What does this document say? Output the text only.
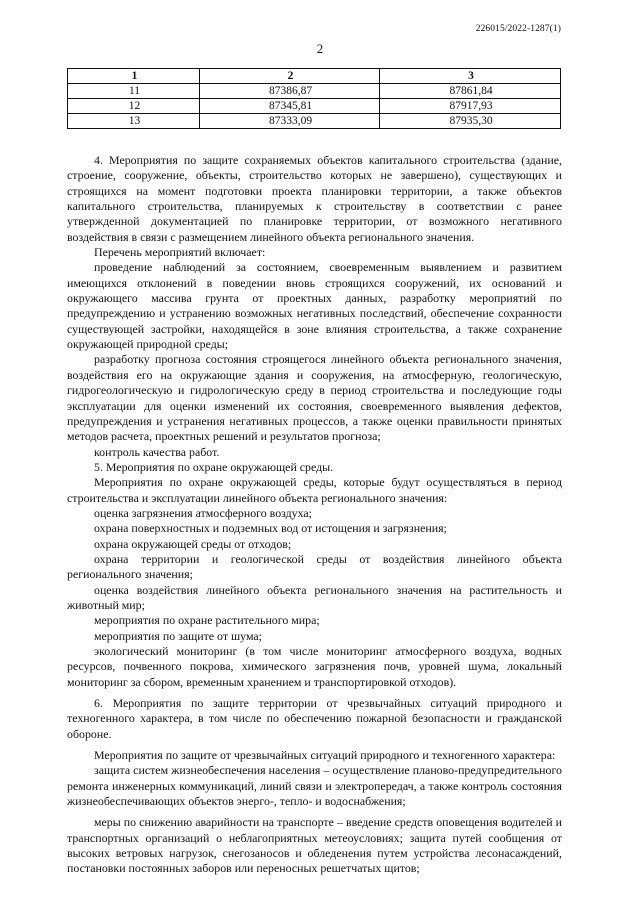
226015/2022-1287(1)
2
1	2	3
11	87386,87	87861,84
12	87345,81	87917,93
13	87333,09	87935,30

4. Мероприятия по защите сохраняемых объектов капитального строительства (здание, строение, сооружение, объекты, строительство которых не завершено), существующих и строящихся на момент подготовки проекта планировки территории, а также объектов капитального строительства, планируемых к строительству в соответствии с ранее утвержденной документацией по планировке территории, от возможного негативного воздействия в связи с размещением линейного объекта регионального значения.

Перечень мероприятий включает:

проведение наблюдений за состоянием, своевременным выявлением и развитием имеющихся отклонений в поведении вновь строящихся сооружений, их оснований и окружающего массива грунта от проектных данных, разработку мероприятий по предупреждению и устранению возможных негативных последствий, обеспечение сохранности существующей застройки, находящейся в зоне влияния строительства, а также сохранение окружающей природной среды;

разработку прогноза состояния строящегося линейного объекта регионального значения, воздействия его на окружающие здания и сооружения, на атмосферную, геологическую, гидрогеологическую и гидрологическую среду в период строительства и последующие годы эксплуатации для оценки изменений их состояния, своевременного выявления дефектов, предупреждения и устранения негативных процессов, а также оценки правильности принятых методов расчета, проектных решений и результатов прогноза;

контроль качества работ.

5. Мероприятия по охране окружающей среды.

Мероприятия по охране окружающей среды, которые будут осуществляться в период строительства и эксплуатации линейного объекта регионального значения:

оценка загрязнения атмосферного воздуха;

охрана поверхностных и подземных вод от истощения и загрязнения;

охрана окружающей среды от отходов;

охрана территории и геологической среды от воздействия линейного объекта регионального значения;

оценка воздействия линейного объекта регионального значения на растительность и животный мир;

мероприятия по охране растительного мира;

мероприятия по защите от шума;

экологический мониторинг (в том числе мониторинг атмосферного воздуха, водных ресурсов, почвенного покрова, химического загрязнения почв, уровней шума, локальный мониторинг за сбором, временным хранением и транспортировкой отходов).

6. Мероприятия по защите территории от чрезвычайных ситуаций природного и техногенного характера, в том числе по обеспечению пожарной безопасности и гражданской обороне.

Мероприятия по защите от чрезвычайных ситуаций природного и техногенного характера:

защита систем жизнеобеспечения населения – осуществление планово-предупредительного ремонта инженерных коммуникаций, линий связи и электропередач, а также контроль состояния жизнеобеспечивающих объектов энерго-, тепло- и водоснабжения;

меры по снижению аварийности на транспорте – введение средств оповещения водителей и транспортных организаций о неблагоприятных метеоусловиях; защита путей сообщения от высоких ветровых нагрузок, снегозаносов и обледенения путем устройства лесонасаждений, постановки постоянных заборов или переносных решетчатых щитов;
